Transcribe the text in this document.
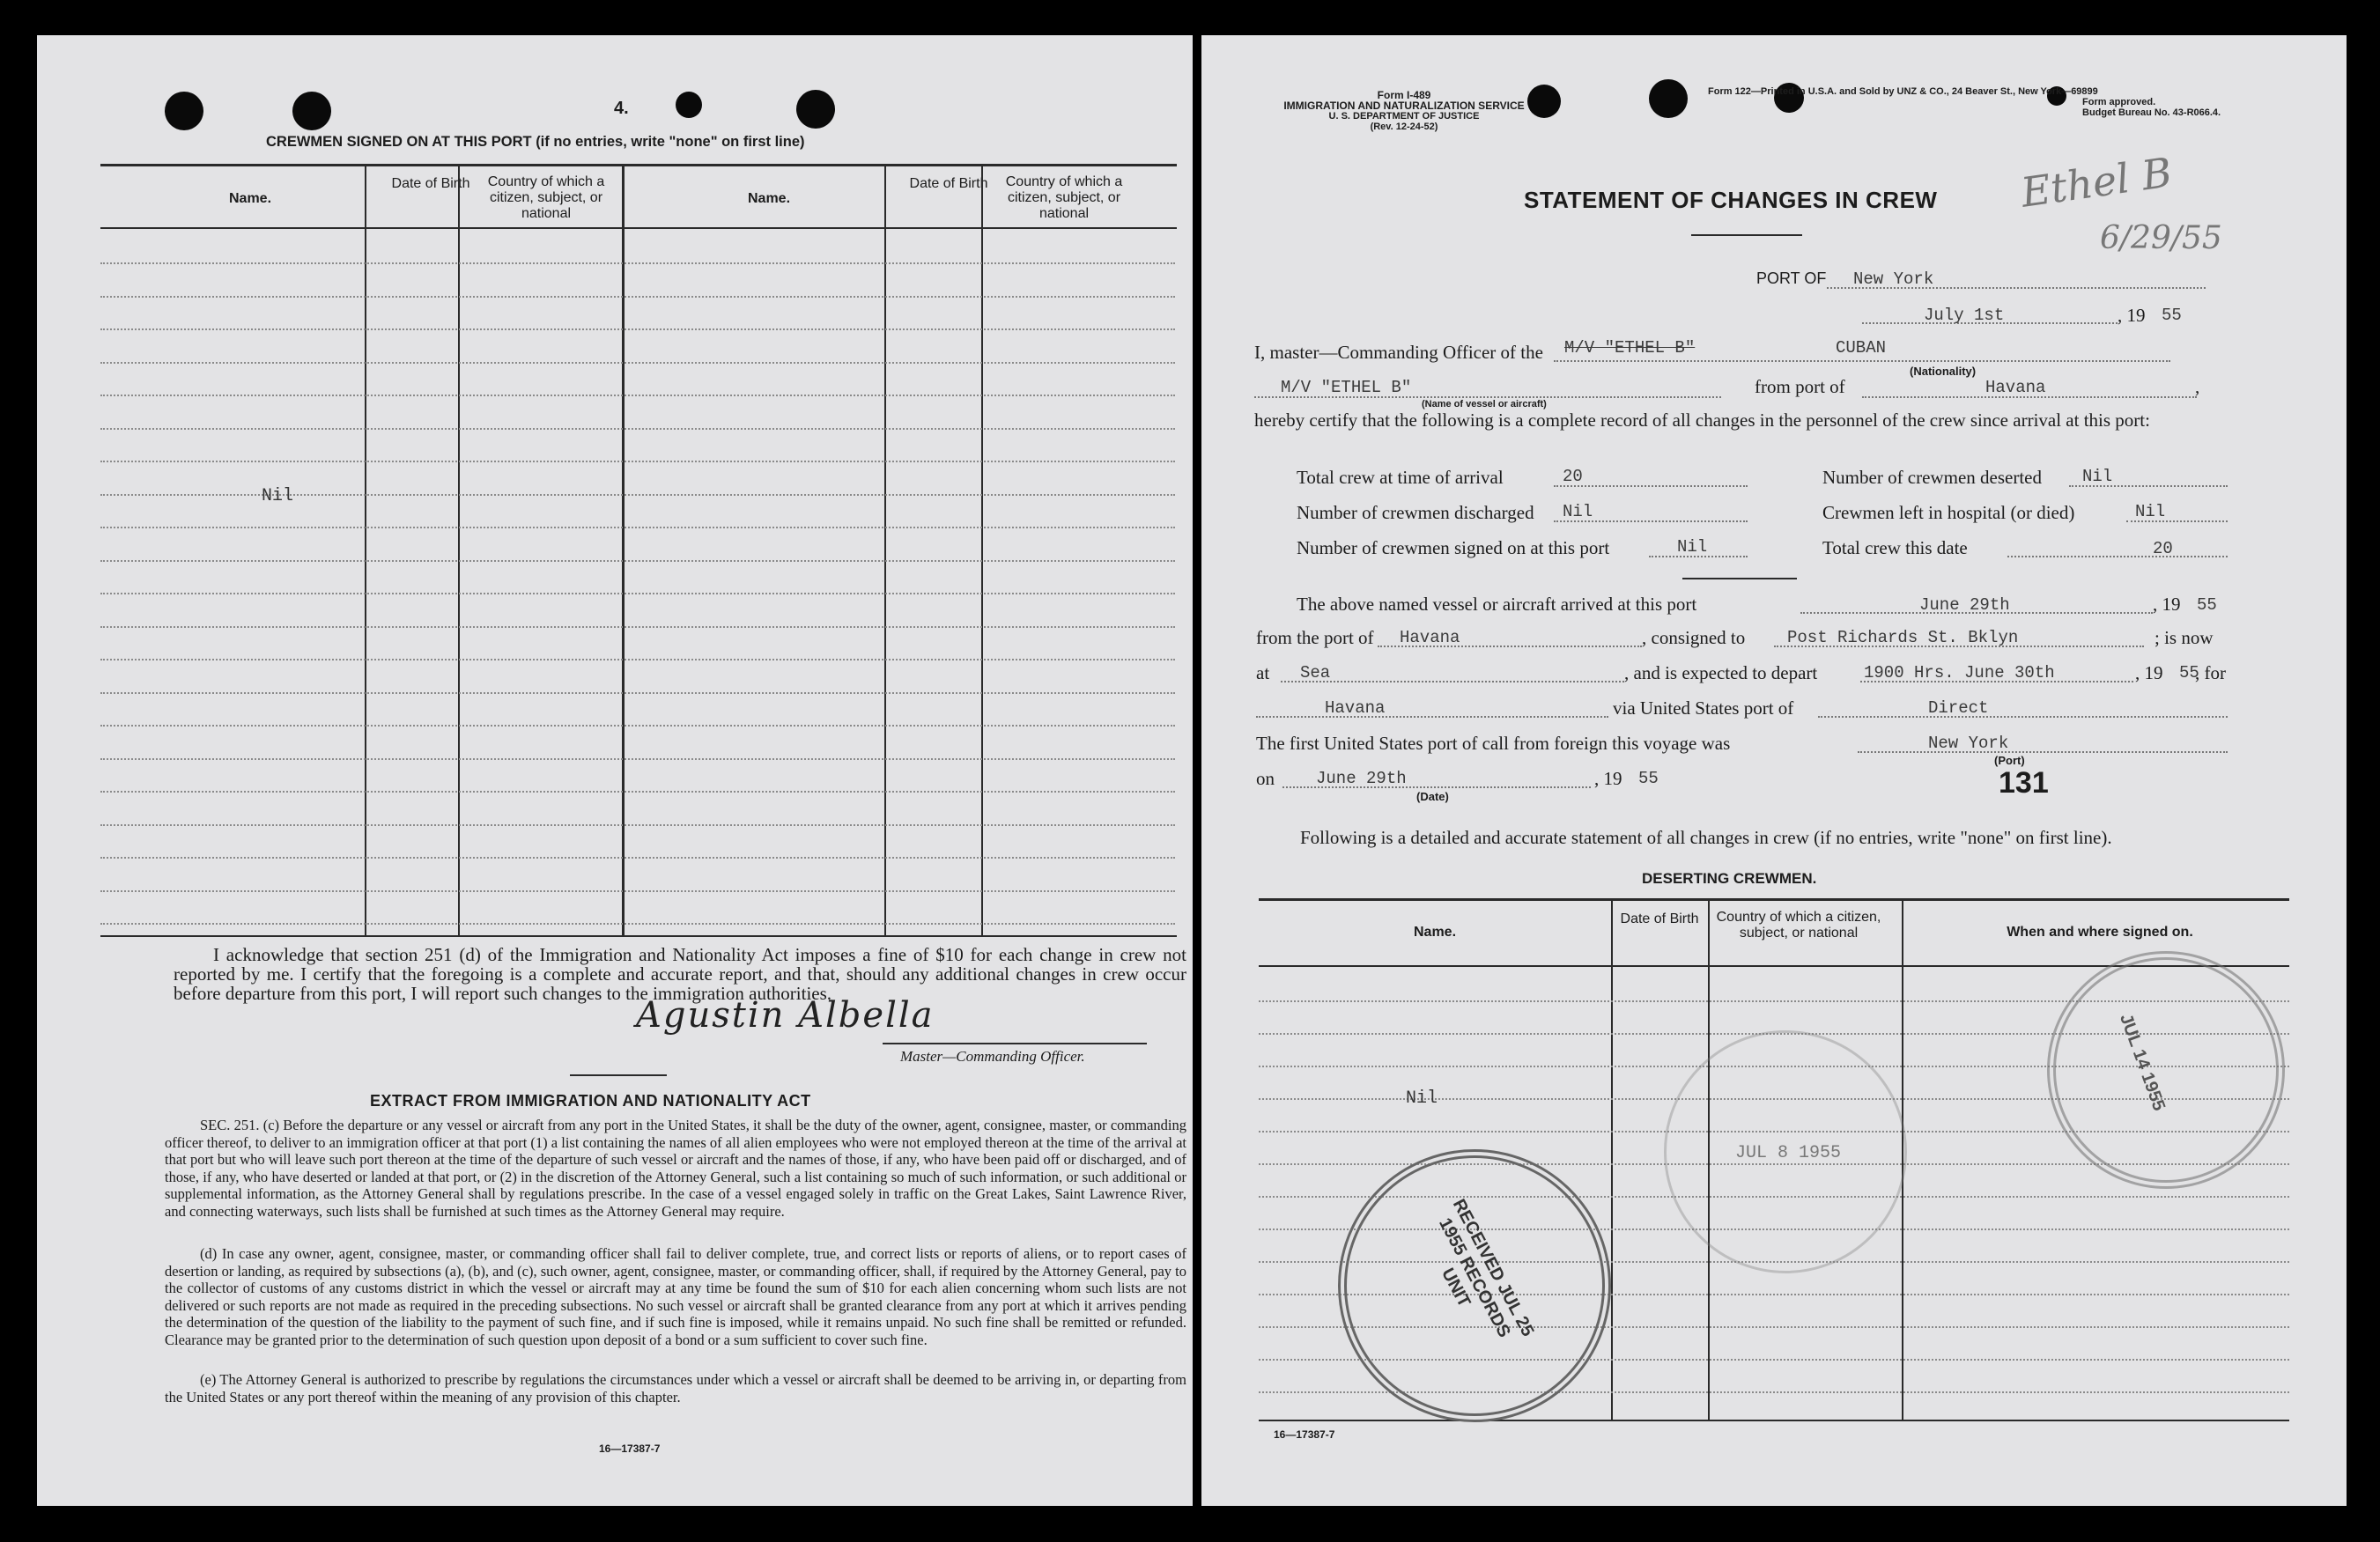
4.
CREWMEN SIGNED ON AT THIS PORT (if no entries, write "none" on first line)
Name.
Date of Birth	Country of which a citizen, subject, or national
Name.
Date of Birth	Country of which a citizen, subject, or national
Nil
I acknowledge that section 251 (d) of the Immigration and Nationality Act imposes a fine of $10 for each change in crew not reported by me. I certify that the foregoing is a complete and accurate report, and that, should any additional changes in crew occur before departure from this port, I will report such changes to the immigration authorities.
Agustin Albella
Master—Commanding Officer.
EXTRACT FROM IMMIGRATION AND NATIONALITY ACT
SEC. 251. (c) Before the departure or any vessel or aircraft from any port in the United States, it shall be the duty of the owner, agent, consignee, master, or commanding officer thereof, to deliver to an immigration officer at that port (1) a list containing the names of all alien employees who were not employed thereon at the time of the arrival at that port but who will leave such port thereon at the time of the departure of such vessel or aircraft and the names of those, if any, who have been paid off or discharged, and of those, if any, who have deserted or landed at that port, or (2) in the discretion of the Attorney General, such a list containing so much of such information, or such additional or supplemental information, as the Attorney General shall by regulations prescribe. In the case of a vessel engaged solely in traffic on the Great Lakes, Saint Lawrence River, and connecting waterways, such lists shall be furnished at such times as the Attorney General may require.
(d) In case any owner, agent, consignee, master, or commanding officer shall fail to deliver complete, true, and correct lists or reports of aliens, or to report cases of desertion or landing, as required by subsections (a), (b), and (c), such owner, agent, consignee, master, or commanding officer, shall, if required by the Attorney General, pay to the collector of customs of any customs district in which the vessel or aircraft may at any time be found the sum of $10 for each alien concerning whom such lists are not delivered or such reports are not made as required in the preceding subsections. No such vessel or aircraft shall be granted clearance from any port at which it arrives pending the determination of the question of the liability to the payment of such fine, and if such fine is imposed, while it remains unpaid. No such fine shall be remitted or refunded. Clearance may be granted prior to the determination of such question upon deposit of a bond or a sum sufficient to cover such fine.
(e) The Attorney General is authorized to prescribe by regulations the circumstances under which a vessel or aircraft shall be deemed to be arriving in, or departing from the United States or any port thereof within the meaning of any provision of this chapter.
16—17387-7
Form I-489
IMMIGRATION AND NATURALIZATION SERVICE
U. S. DEPARTMENT OF JUSTICE
(Rev. 12-24-52)
Form 122—Printed in U.S.A. and Sold by UNZ & CO., 24 Beaver St., New York—69899
Form approved.
Budget Bureau No. 43-R066.4.
STATEMENT OF CHANGES IN CREW Ethel B
6/29/55
PORT OF New York
July 1st	, 19 55
I, master—Commanding Officer of the M/V "ETHEL B"	CUBAN
(Nationality)
M/V "ETHEL B"
(Name of vessel or aircraft)
from port of	Havana	,
hereby certify that the following is a complete record of all changes in the personnel of the crew since arrival at this port:
Total crew at time of arrival	20	Number of crewmen deserted Nil
Number of crewmen discharged Nil	Crewmen left in hospital (or died)	Nil
Number of crewmen signed on at this port	Nil	Total crew this date	20
The above named vessel or aircraft arrived at this port	June 29th	, 19 55
from the port of Havana	, consigned to	Post Richards St. Bklyn	; is now
at Sea	, and is expected to depart	1900 Hrs. June 30th	, 19 55
, for
Havana	via United States port of	Direct
The first United States port of call from foreign this voyage was	New York
(Port)
on June 29th
(Date)
, 19 55	131
Following is a detailed and accurate statement of all changes in crew (if no entries, write "none" on first line).
DESERTING CREWMEN.
Name.
Date of Birth	Country of which a citizen, subject, or national	When and where signed on.
Nil
16—17387-7
JUL 8 1955
RECEIVED JUL 25 1955 RECORDS UNIT
JUL 14 1955
